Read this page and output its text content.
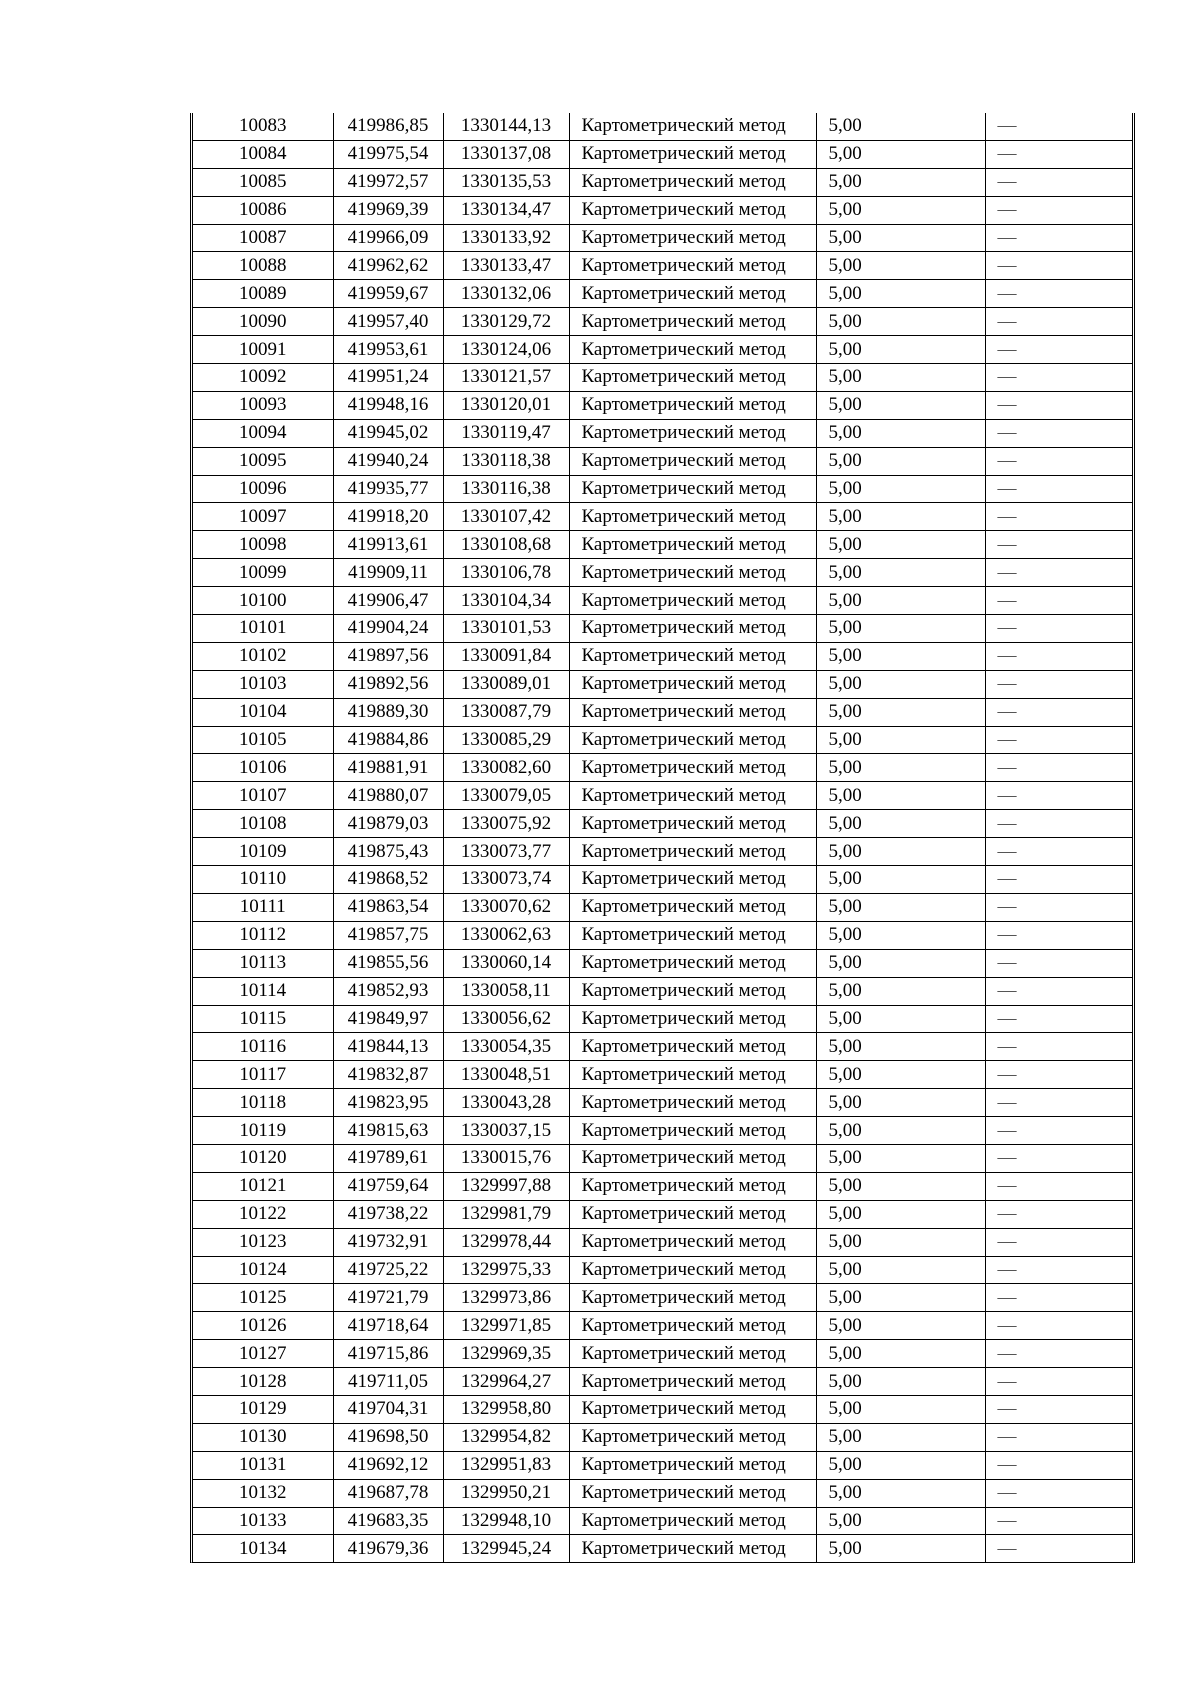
10083	419986,85	1330144,13	Картометрический метод	5,00	—
10084	419975,54	1330137,08	Картометрический метод	5,00	—
10085	419972,57	1330135,53	Картометрический метод	5,00	—
10086	419969,39	1330134,47	Картометрический метод	5,00	—
10087	419966,09	1330133,92	Картометрический метод	5,00	—
10088	419962,62	1330133,47	Картометрический метод	5,00	—
10089	419959,67	1330132,06	Картометрический метод	5,00	—
10090	419957,40	1330129,72	Картометрический метод	5,00	—
10091	419953,61	1330124,06	Картометрический метод	5,00	—
10092	419951,24	1330121,57	Картометрический метод	5,00	—
10093	419948,16	1330120,01	Картометрический метод	5,00	—
10094	419945,02	1330119,47	Картометрический метод	5,00	—
10095	419940,24	1330118,38	Картометрический метод	5,00	—
10096	419935,77	1330116,38	Картометрический метод	5,00	—
10097	419918,20	1330107,42	Картометрический метод	5,00	—
10098	419913,61	1330108,68	Картометрический метод	5,00	—
10099	419909,11	1330106,78	Картометрический метод	5,00	—
10100	419906,47	1330104,34	Картометрический метод	5,00	—
10101	419904,24	1330101,53	Картометрический метод	5,00	—
10102	419897,56	1330091,84	Картометрический метод	5,00	—
10103	419892,56	1330089,01	Картометрический метод	5,00	—
10104	419889,30	1330087,79	Картометрический метод	5,00	—
10105	419884,86	1330085,29	Картометрический метод	5,00	—
10106	419881,91	1330082,60	Картометрический метод	5,00	—
10107	419880,07	1330079,05	Картометрический метод	5,00	—
10108	419879,03	1330075,92	Картометрический метод	5,00	—
10109	419875,43	1330073,77	Картометрический метод	5,00	—
10110	419868,52	1330073,74	Картометрический метод	5,00	—
10111	419863,54	1330070,62	Картометрический метод	5,00	—
10112	419857,75	1330062,63	Картометрический метод	5,00	—
10113	419855,56	1330060,14	Картометрический метод	5,00	—
10114	419852,93	1330058,11	Картометрический метод	5,00	—
10115	419849,97	1330056,62	Картометрический метод	5,00	—
10116	419844,13	1330054,35	Картометрический метод	5,00	—
10117	419832,87	1330048,51	Картометрический метод	5,00	—
10118	419823,95	1330043,28	Картометрический метод	5,00	—
10119	419815,63	1330037,15	Картометрический метод	5,00	—
10120	419789,61	1330015,76	Картометрический метод	5,00	—
10121	419759,64	1329997,88	Картометрический метод	5,00	—
10122	419738,22	1329981,79	Картометрический метод	5,00	—
10123	419732,91	1329978,44	Картометрический метод	5,00	—
10124	419725,22	1329975,33	Картометрический метод	5,00	—
10125	419721,79	1329973,86	Картометрический метод	5,00	—
10126	419718,64	1329971,85	Картометрический метод	5,00	—
10127	419715,86	1329969,35	Картометрический метод	5,00	—
10128	419711,05	1329964,27	Картометрический метод	5,00	—
10129	419704,31	1329958,80	Картометрический метод	5,00	—
10130	419698,50	1329954,82	Картометрический метод	5,00	—
10131	419692,12	1329951,83	Картометрический метод	5,00	—
10132	419687,78	1329950,21	Картометрический метод	5,00	—
10133	419683,35	1329948,10	Картометрический метод	5,00	—
10134	419679,36	1329945,24	Картометрический метод	5,00	—
